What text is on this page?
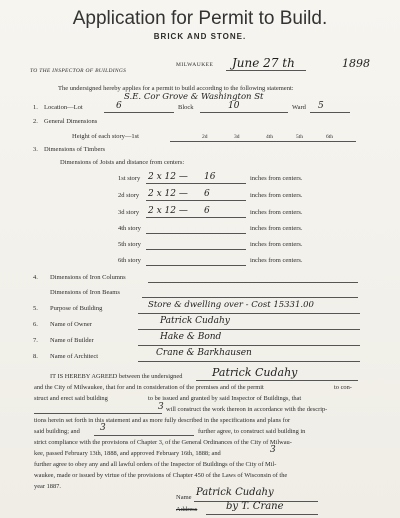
Application for Permit to Build.
BRICK AND STONE.
TO THE INSPECTOR OF BUILDINGS
MILWAUKEE June 27 th	1898
The undersigned hereby applies for a permit to build according to the following statement:
S.E. Cor Grove & Washington St
1. Location—Lot	6	Block	10	Ward 5
2. General Dimensions
Height of each story—1st	2d	3d	4th	5th	6th
3. Dimensions of Timbers
Dimensions of Joists and distance from centers:
1st story 2 x 12 — 16	inches from centers.
2d story 2 x 12 — 6	inches from centers.
3d story 2 x 12 — 6	inches from centers.
4th story	inches from centers.
5th story	inches from centers.
6th story	inches from centers.
4. Dimensions of Iron Columns
Dimensions of Iron Beams
5. Purpose of Building	Store & dwelling over - Cost 15331.00
6. Name of Owner	Patrick Cudahy
7. Name of Builder	Hake & Bond
8. Name of Architect	Crane & Barkhausen
IT IS HEREBY AGREED between the undersigned	Patrick Cudahy
and the City of Milwaukee, that for and in consideration of the premises and of the permit	to con-
struct and erect said building	to be issued and granted by said Inspector of Buildings, that
3 will construct the work thereon in accordance with the descrip-
tions herein set forth in this statement and as more fully described in the specifications and plans for
said building; and 3	further agree, to construct said building in
strict compliance with the provisions of Chapter 3, of the General Ordinances of the City of Milwau-
kee, passed February 13th, 1888, and approved February 16th, 1888; and	3
further agree to obey any and all lawful orders of the Inspector of Buildings of the City of Mil-
waukee, made or issued by virtue of the provisions of Chapter 450 of the Laws of Wisconsin of the
year 1887.
Name Patrick Cudahy
Address	by T. Crane
